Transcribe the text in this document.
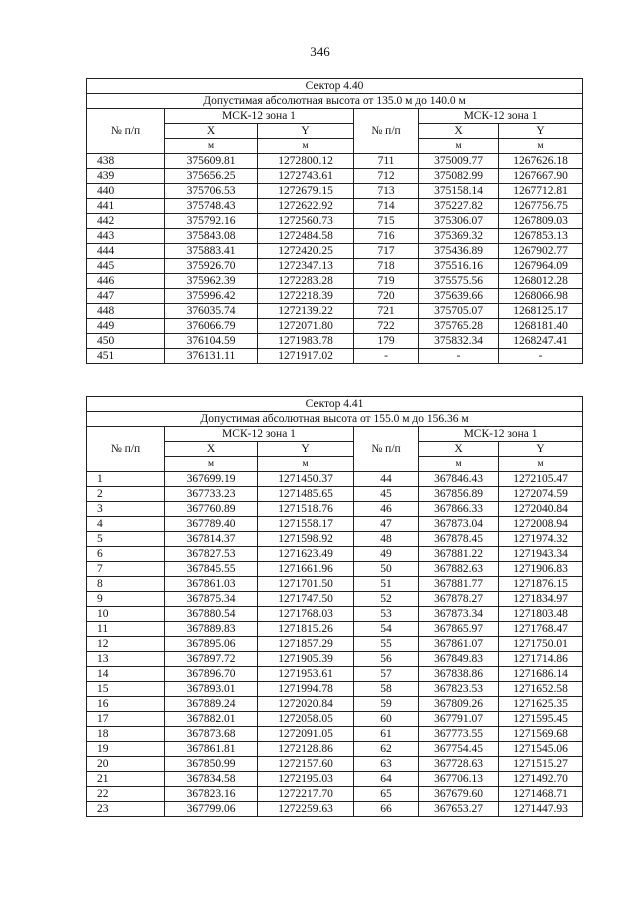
346
Сектор 4.40					
Допустимая абсолютная высота от 135.0 м до 140.0 м					
№ п/п	МСК-12 зона 1		№ п/п	МСК-12 зона 1	
	X	Y		X	Y
	м	м		м	м
438	375609.81	1272800.12	711	375009.77	1267626.18
439	375656.25	1272743.61	712	375082.99	1267667.90
440	375706.53	1272679.15	713	375158.14	1267712.81
441	375748.43	1272622.92	714	375227.82	1267756.75
442	375792.16	1272560.73	715	375306.07	1267809.03
443	375843.08	1272484.58	716	375369.32	1267853.13
444	375883.41	1272420.25	717	375436.89	1267902.77
445	375926.70	1272347.13	718	375516.16	1267964.09
446	375962.39	1272283.28	719	375575.56	1268012.28
447	375996.42	1272218.39	720	375639.66	1268066.98
448	376035.74	1272139.22	721	375705.07	1268125.17
449	376066.79	1272071.80	722	375765.28	1268181.40
450	376104.59	1271983.78	179	375832.34	1268247.41
451	376131.11	1271917.02	-	-	-
Сектор 4.41					
Допустимая абсолютная высота от 155.0 м до 156.36 м					
№ п/п	МСК-12 зона 1		№ п/п	МСК-12 зона 1	
	X	Y		X	Y
	м	м		м	м
1	367699.19	1271450.37	44	367846.43	1272105.47
2	367733.23	1271485.65	45	367856.89	1272074.59
3	367760.89	1271518.76	46	367866.33	1272040.84
4	367789.40	1271558.17	47	367873.04	1272008.94
5	367814.37	1271598.92	48	367878.45	1271974.32
6	367827.53	1271623.49	49	367881.22	1271943.34
7	367845.55	1271661.96	50	367882.63	1271906.83
8	367861.03	1271701.50	51	367881.77	1271876.15
9	367875.34	1271747.50	52	367878.27	1271834.97
10	367880.54	1271768.03	53	367873.34	1271803.48
11	367889.83	1271815.26	54	367865.97	1271768.47
12	367895.06	1271857.29	55	367861.07	1271750.01
13	367897.72	1271905.39	56	367849.83	1271714.86
14	367896.70	1271953.61	57	367838.86	1271686.14
15	367893.01	1271994.78	58	367823.53	1271652.58
16	367889.24	1272020.84	59	367809.26	1271625.35
17	367882.01	1272058.05	60	367791.07	1271595.45
18	367873.68	1272091.05	61	367773.55	1271569.68
19	367861.81	1272128.86	62	367754.45	1271545.06
20	367850.99	1272157.60	63	367728.63	1271515.27
21	367834.58	1272195.03	64	367706.13	1271492.70
22	367823.16	1272217.70	65	367679.60	1271468.71
23	367799.06	1272259.63	66	367653.27	1271447.93
